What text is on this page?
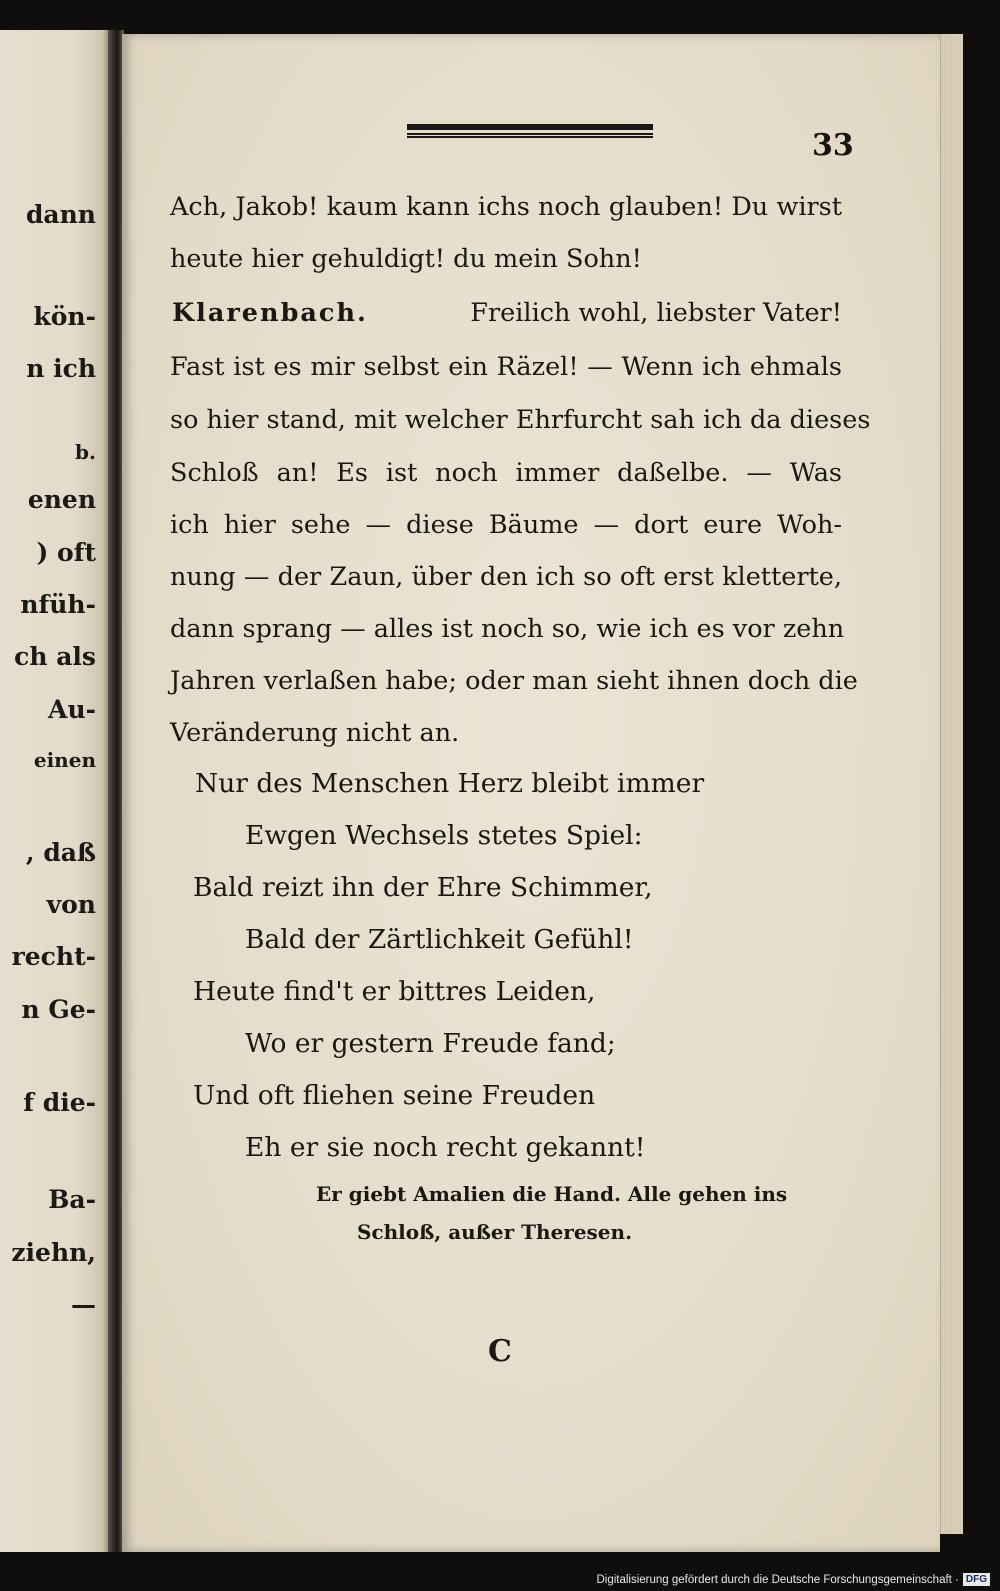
dann
kön-
n ich
b.
enen
) oft
nfüh-
ch als
Au-
einen
, daß
von
recht-
n Ge-
f die-
Ba-
ziehn,
—
33
Ach, Jakob! kaum kann ichs noch glauben! Du wirst
heute hier gehuldigt! du mein Sohn!
Klarenbach.	Freilich wohl, liebster Vater!
Fast ist es mir selbst ein Räzel! — Wenn ich ehmals
so hier stand, mit welcher Ehrfurcht sah ich da dieses
Schloß an! Es ist noch immer daßelbe. — Was
ich hier sehe — diese Bäume — dort eure Woh-
nung — der Zaun, über den ich so oft erst kletterte,
dann sprang — alles ist noch so, wie ich es vor zehn
Jahren verlaßen habe; oder man sieht ihnen doch die
Veränderung nicht an.
Nur des Menschen Herz bleibt immer
Ewgen Wechsels stetes Spiel:
Bald reizt ihn der Ehre Schimmer,
Bald der Zärtlichkeit Gefühl!
Heute find't er bittres Leiden,
Wo er gestern Freude fand;
Und oft fliehen seine Freuden
Eh er sie noch recht gekannt!
Er giebt Amalien die Hand. Alle gehen ins
Schloß, außer Theresen.
C
Digitalisierung gefördert durch die Deutsche Forschungsgemeinschaft · DFG
